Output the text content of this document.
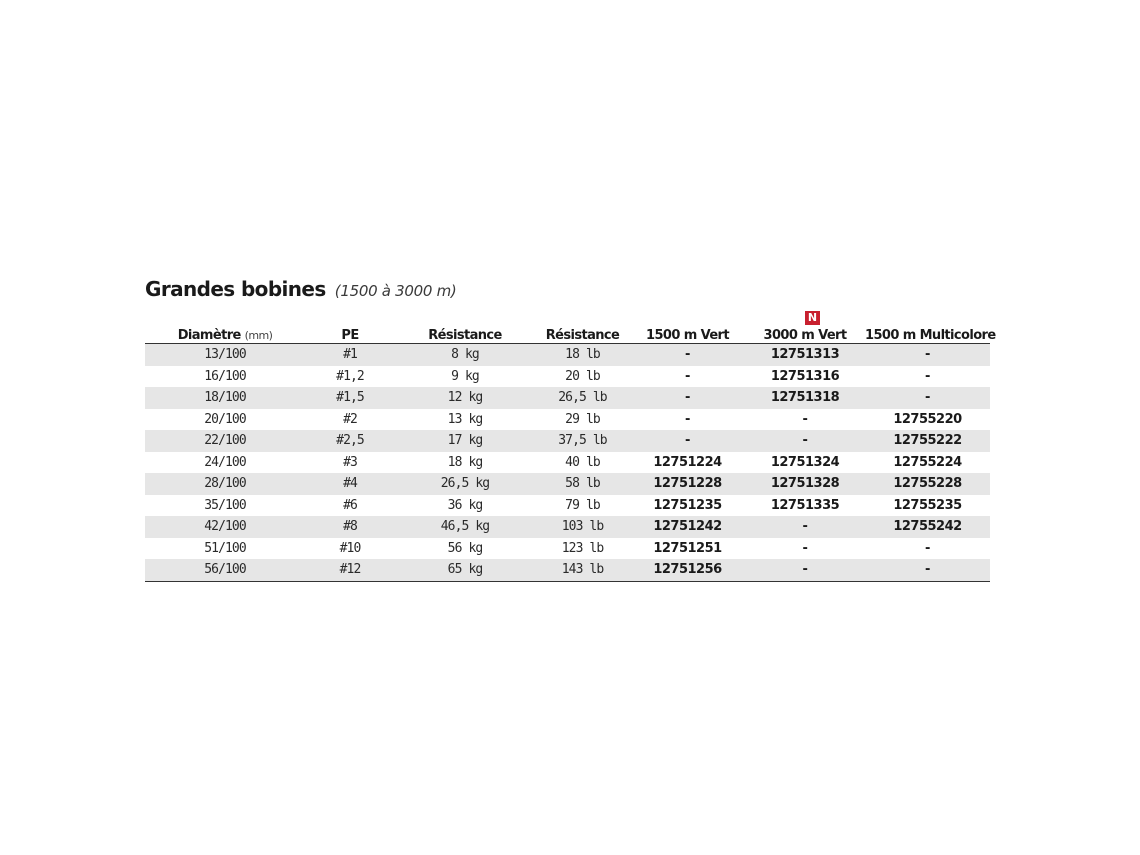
Grandes bobines (1500 à 3000 m)
N
Diamètre (mm)	PE	Résistance	Résistance	1500 m Vert	3000 m Vert	1500 m Multicolore
13/100	#1	8 kg	18 lb	-	12751313	-
16/100	#1,2	9 kg	20 lb	-	12751316	-
18/100	#1,5	12 kg	26,5 lb	-	12751318	-
20/100	#2	13 kg	29 lb	-	-	12755220
22/100	#2,5	17 kg	37,5 lb	-	-	12755222
24/100	#3	18 kg	40 lb	12751224	12751324	12755224
28/100	#4	26,5 kg	58 lb	12751228	12751328	12755228
35/100	#6	36 kg	79 lb	12751235	12751335	12755235
42/100	#8	46,5 kg	103 lb	12751242	-	12755242
51/100	#10	56 kg	123 lb	12751251	-	-
56/100	#12	65 kg	143 lb	12751256	-	-
